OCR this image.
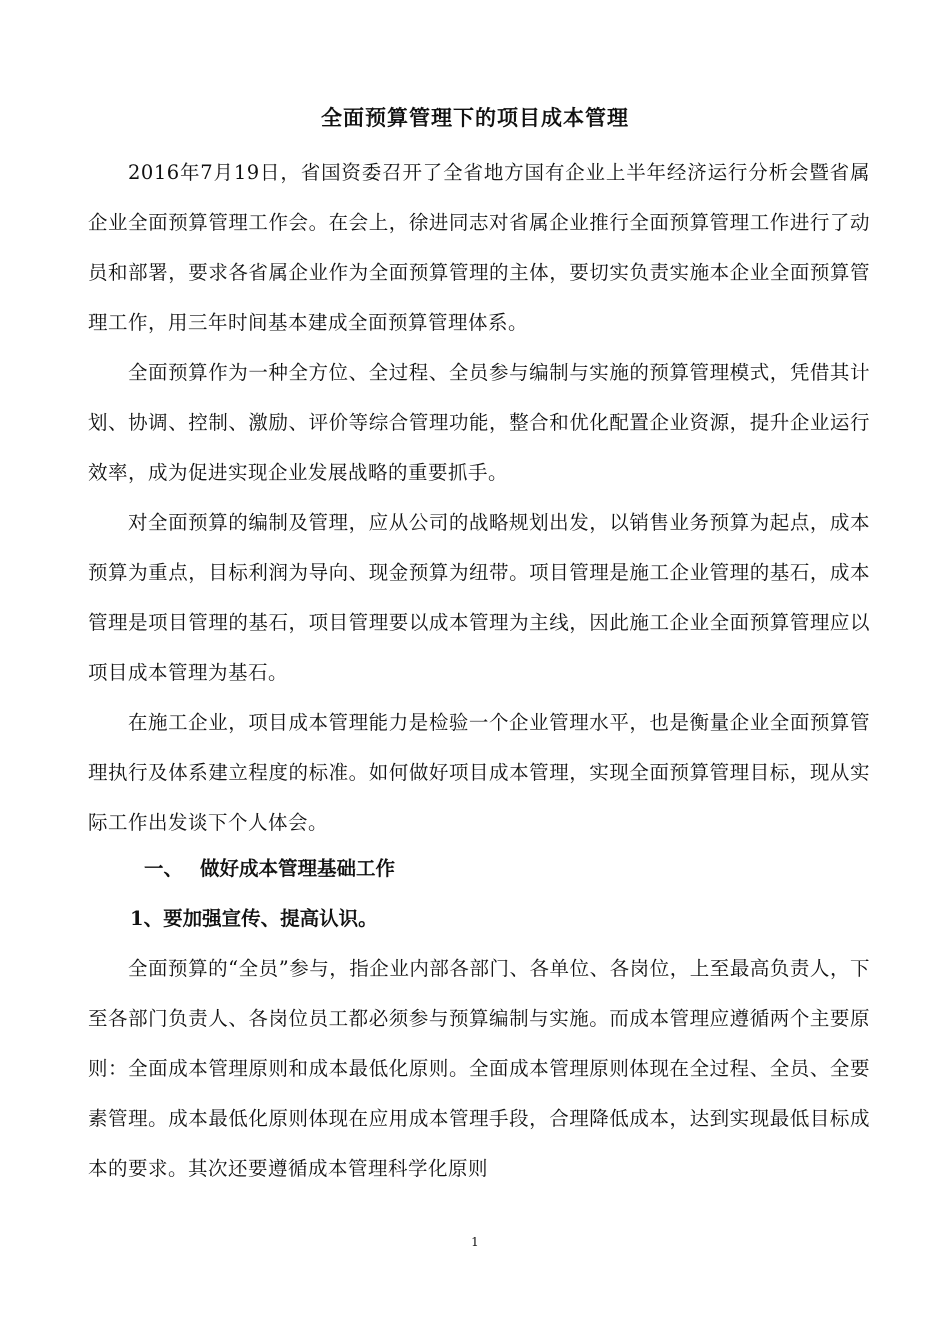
全面预算管理下的项目成本管理

2016年7月19日，省国资委召开了全省地方国有企业上半年经济运行分析会暨省属企业全面预算管理工作会。在会上，徐进同志对省属企业推行全面预算管理工作进行了动员和部署，要求各省属企业作为全面预算管理的主体，要切实负责实施本企业全面预算管理工作，用三年时间基本建成全面预算管理体系。

全面预算作为一种全方位、全过程、全员参与编制与实施的预算管理模式，凭借其计划、协调、控制、激励、评价等综合管理功能，整合和优化配置企业资源，提升企业运行效率，成为促进实现企业发展战略的重要抓手。

对全面预算的编制及管理，应从公司的战略规划出发，以销售业务预算为起点，成本预算为重点，目标利润为导向、现金预算为纽带。项目管理是施工企业管理的基石，成本管理是项目管理的基石，项目管理要以成本管理为主线，因此施工企业全面预算管理应以项目成本管理为基石。

在施工企业，项目成本管理能力是检验一个企业管理水平，也是衡量企业全面预算管理执行及体系建立程度的标准。如何做好项目成本管理，实现全面预算管理目标，现从实际工作出发谈下个人体会。

一、 做好成本管理基础工作
1、要加强宣传、提高认识。

全面预算的“全员”参与，指企业内部各部门、各单位、各岗位，上至最高负责人，下至各部门负责人、各岗位员工都必须参与预算编制与实施。而成本管理应遵循两个主要原则：全面成本管理原则和成本最低化原则。全面成本管理原则体现在全过程、全员、全要素管理。成本最低化原则体现在应用成本管理手段，合理降低成本，达到实现最低目标成本的要求。其次还要遵循成本管理科学化原则

1
